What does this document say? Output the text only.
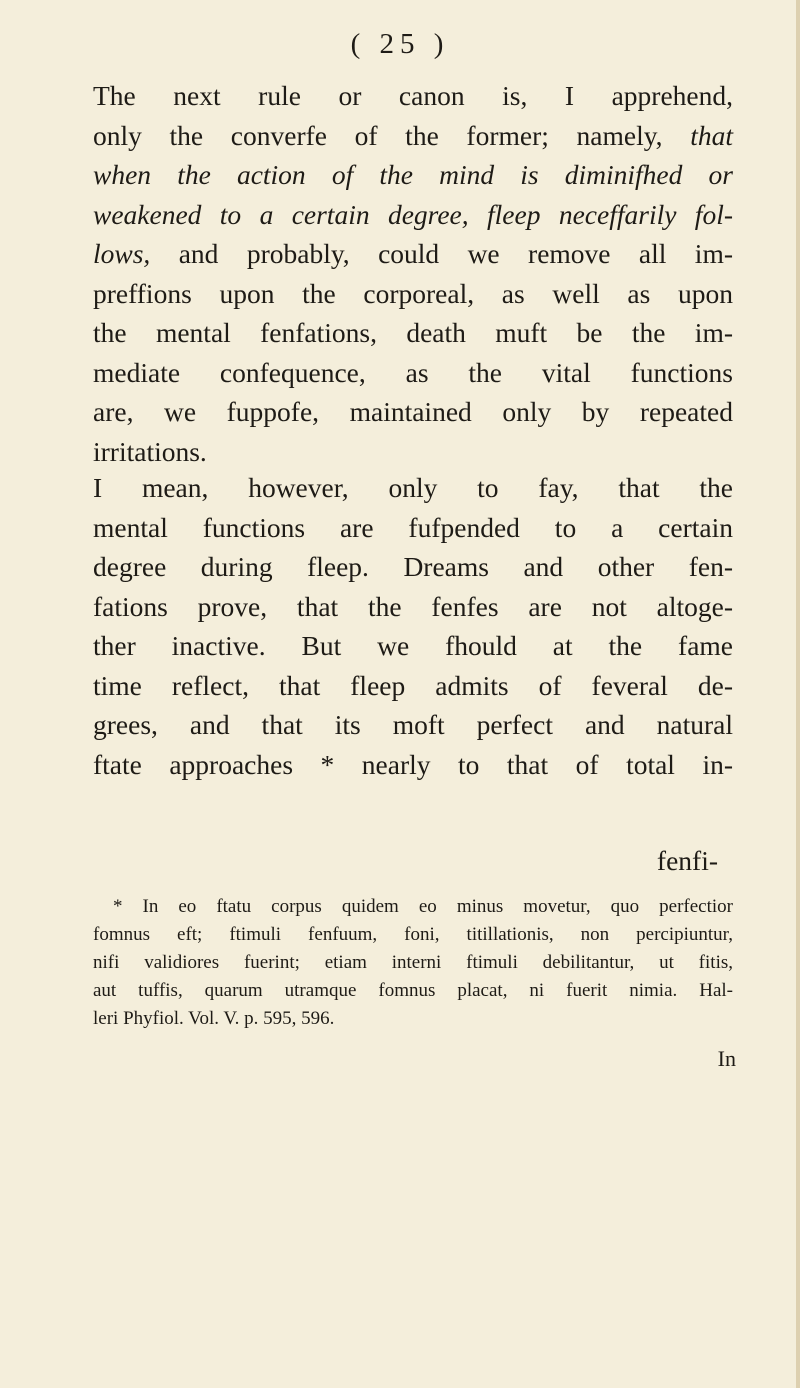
( 25 )
The next rule or canon is, I apprehend,
only the converfe of the former; namely, that
when the action of the mind is diminifhed or
weakened to a certain degree, fleep neceffarily fol-
lows, and probably, could we remove all im-
preffions upon the corporeal, as well as upon
the mental fenfations, death muft be the im-
mediate confequence, as the vital functions
are, we fuppofe, maintained only by repeated
irritations.
I mean, however, only to fay, that the
mental functions are fufpended to a certain
degree during fleep. Dreams and other fen-
fations prove, that the fenfes are not altoge-
ther inactive. But we fhould at the fame
time reflect, that fleep admits of feveral de-
grees, and that its moft perfect and natural
ftate approaches * nearly to that of total in-
fenfi-
* In eo ftatu corpus quidem eo minus movetur, quo perfectior
fomnus eft; ftimuli fenfuum, foni, titillationis, non percipiuntur,
nifi validiores fuerint; etiam interni ftimuli debilitantur, ut fitis,
aut tuffis, quarum utramque fomnus placat, ni fuerit nimia. Hal-
leri Phyfiol. Vol. V. p. 595, 596.
In
